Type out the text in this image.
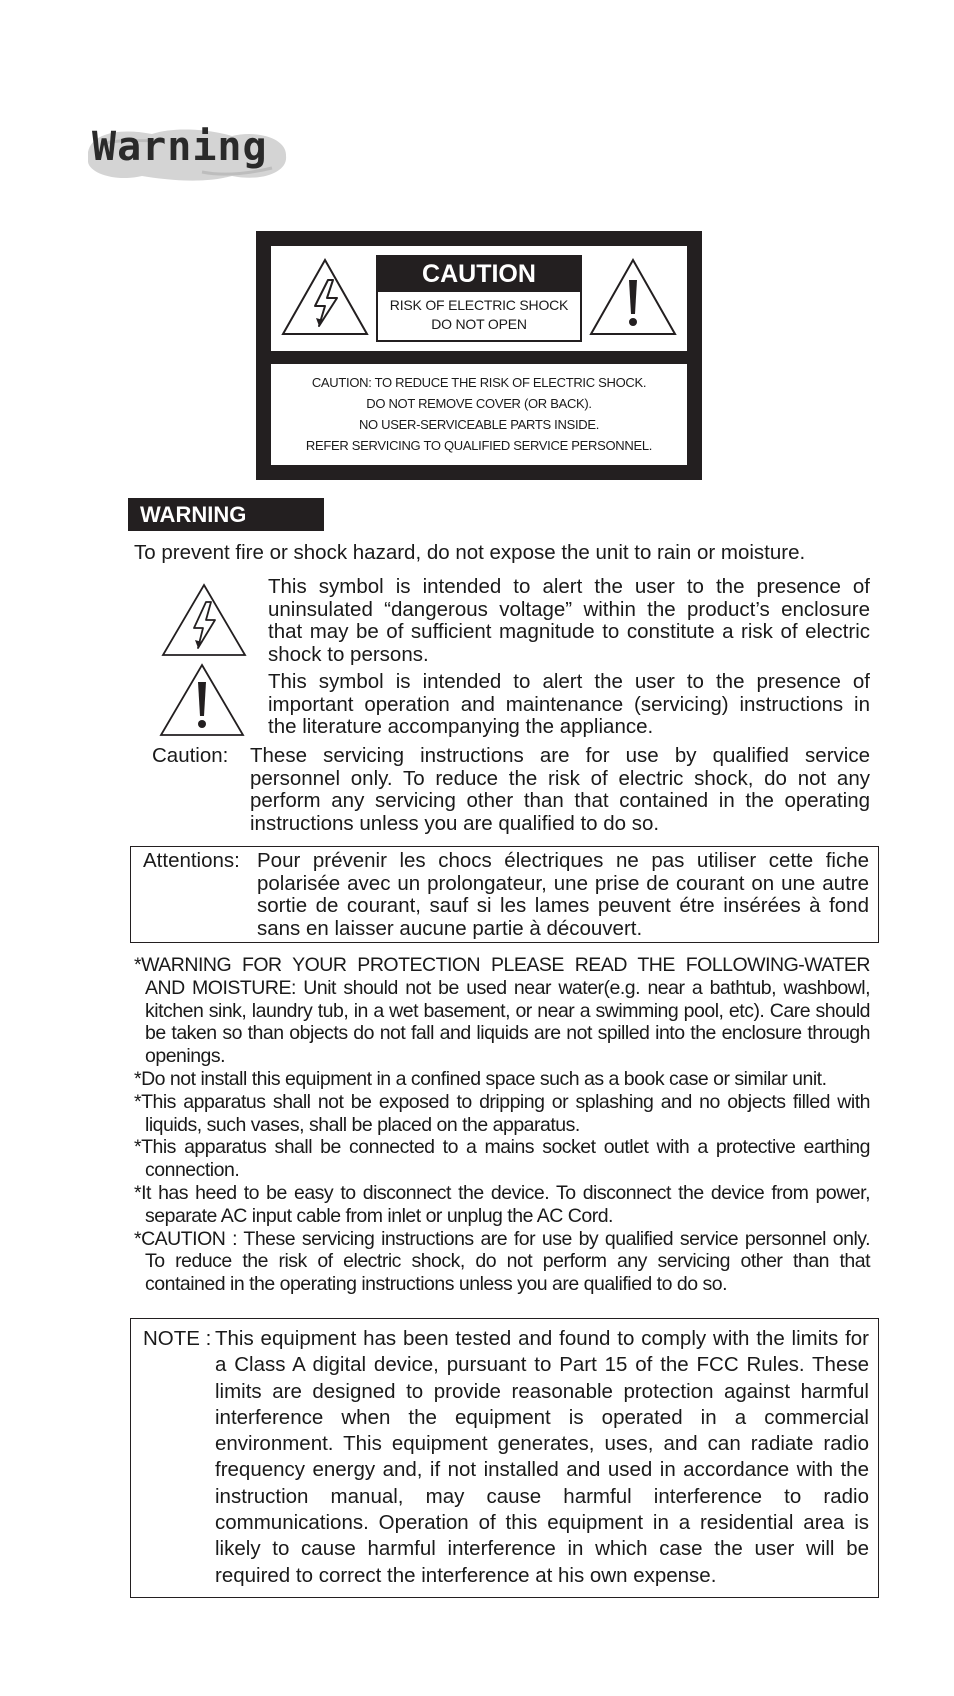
Warning
CAUTION
RISK OF ELECTRIC SHOCK
DO NOT OPEN
CAUTION: TO REDUCE THE RISK OF ELECTRIC SHOCK.
DO NOT REMOVE COVER (OR BACK).
NO USER-SERVICEABLE PARTS INSIDE.
REFER SERVICING TO QUALIFIED SERVICE PERSONNEL.
WARNING
To prevent fire or shock hazard, do not expose the unit to rain or moisture.
This symbol is intended to alert the user to the presence of uninsulated “dangerous voltage” within the product’s enclosure that may be of sufficient magnitude to constitute a risk of electric shock to persons.
This symbol is intended to alert the user to the presence of important operation and maintenance (servicing) instructions in the literature accompanying the appliance.
Caution: These servicing instructions are for use by qualified service personnel only. To reduce the risk of electric shock, do not any perform any servicing other than that contained in the operating instructions unless you are qualified to do so.
Attentions: Pour prévenir les chocs électriques ne pas utiliser cette fiche polarisée avec un prolongateur, une prise de courant on une autre sortie de courant, sauf si les lames peuvent étre insérées à fond sans en laisser aucune partie à découvert.
*WARNING FOR YOUR PROTECTION PLEASE READ THE FOLLOWING-WATER AND MOISTURE: Unit should not be used near water(e.g. near a bathtub, washbowl, kitchen sink, laundry tub, in a wet basement, or near a swimming pool, etc). Care should be taken so than objects do not fall and liquids are not spilled into the enclosure through openings.
*Do not install this equipment in a confined space such as a book case or similar unit.
*This apparatus shall not be exposed to dripping or splashing and no objects filled with liquids, such vases, shall be placed on the apparatus.
*This apparatus shall be connected to a mains socket outlet with a protective earthing connection.
*It has heed to be easy to disconnect the device. To disconnect the device from power, separate AC input cable from inlet or unplug the AC Cord.
*CAUTION : These servicing instructions are for use by qualified service personnel only. To reduce the risk of electric shock, do not perform any servicing other than that contained in the operating instructions unless you are qualified to do so.
NOTE : This equipment has been tested and found to comply with the limits for a Class A digital device, pursuant to Part 15 of the FCC Rules. These limits are designed to provide reasonable protection against harmful interference when the equipment is operated in a commercial environment. This equipment generates, uses, and can radiate radio frequency energy and, if not installed and used in accordance with the instruction manual, may cause harmful interference to radio communications. Operation of this equipment in a residential area is likely to cause harmful interference in which case the user will be required to correct the interference at his own expense.
